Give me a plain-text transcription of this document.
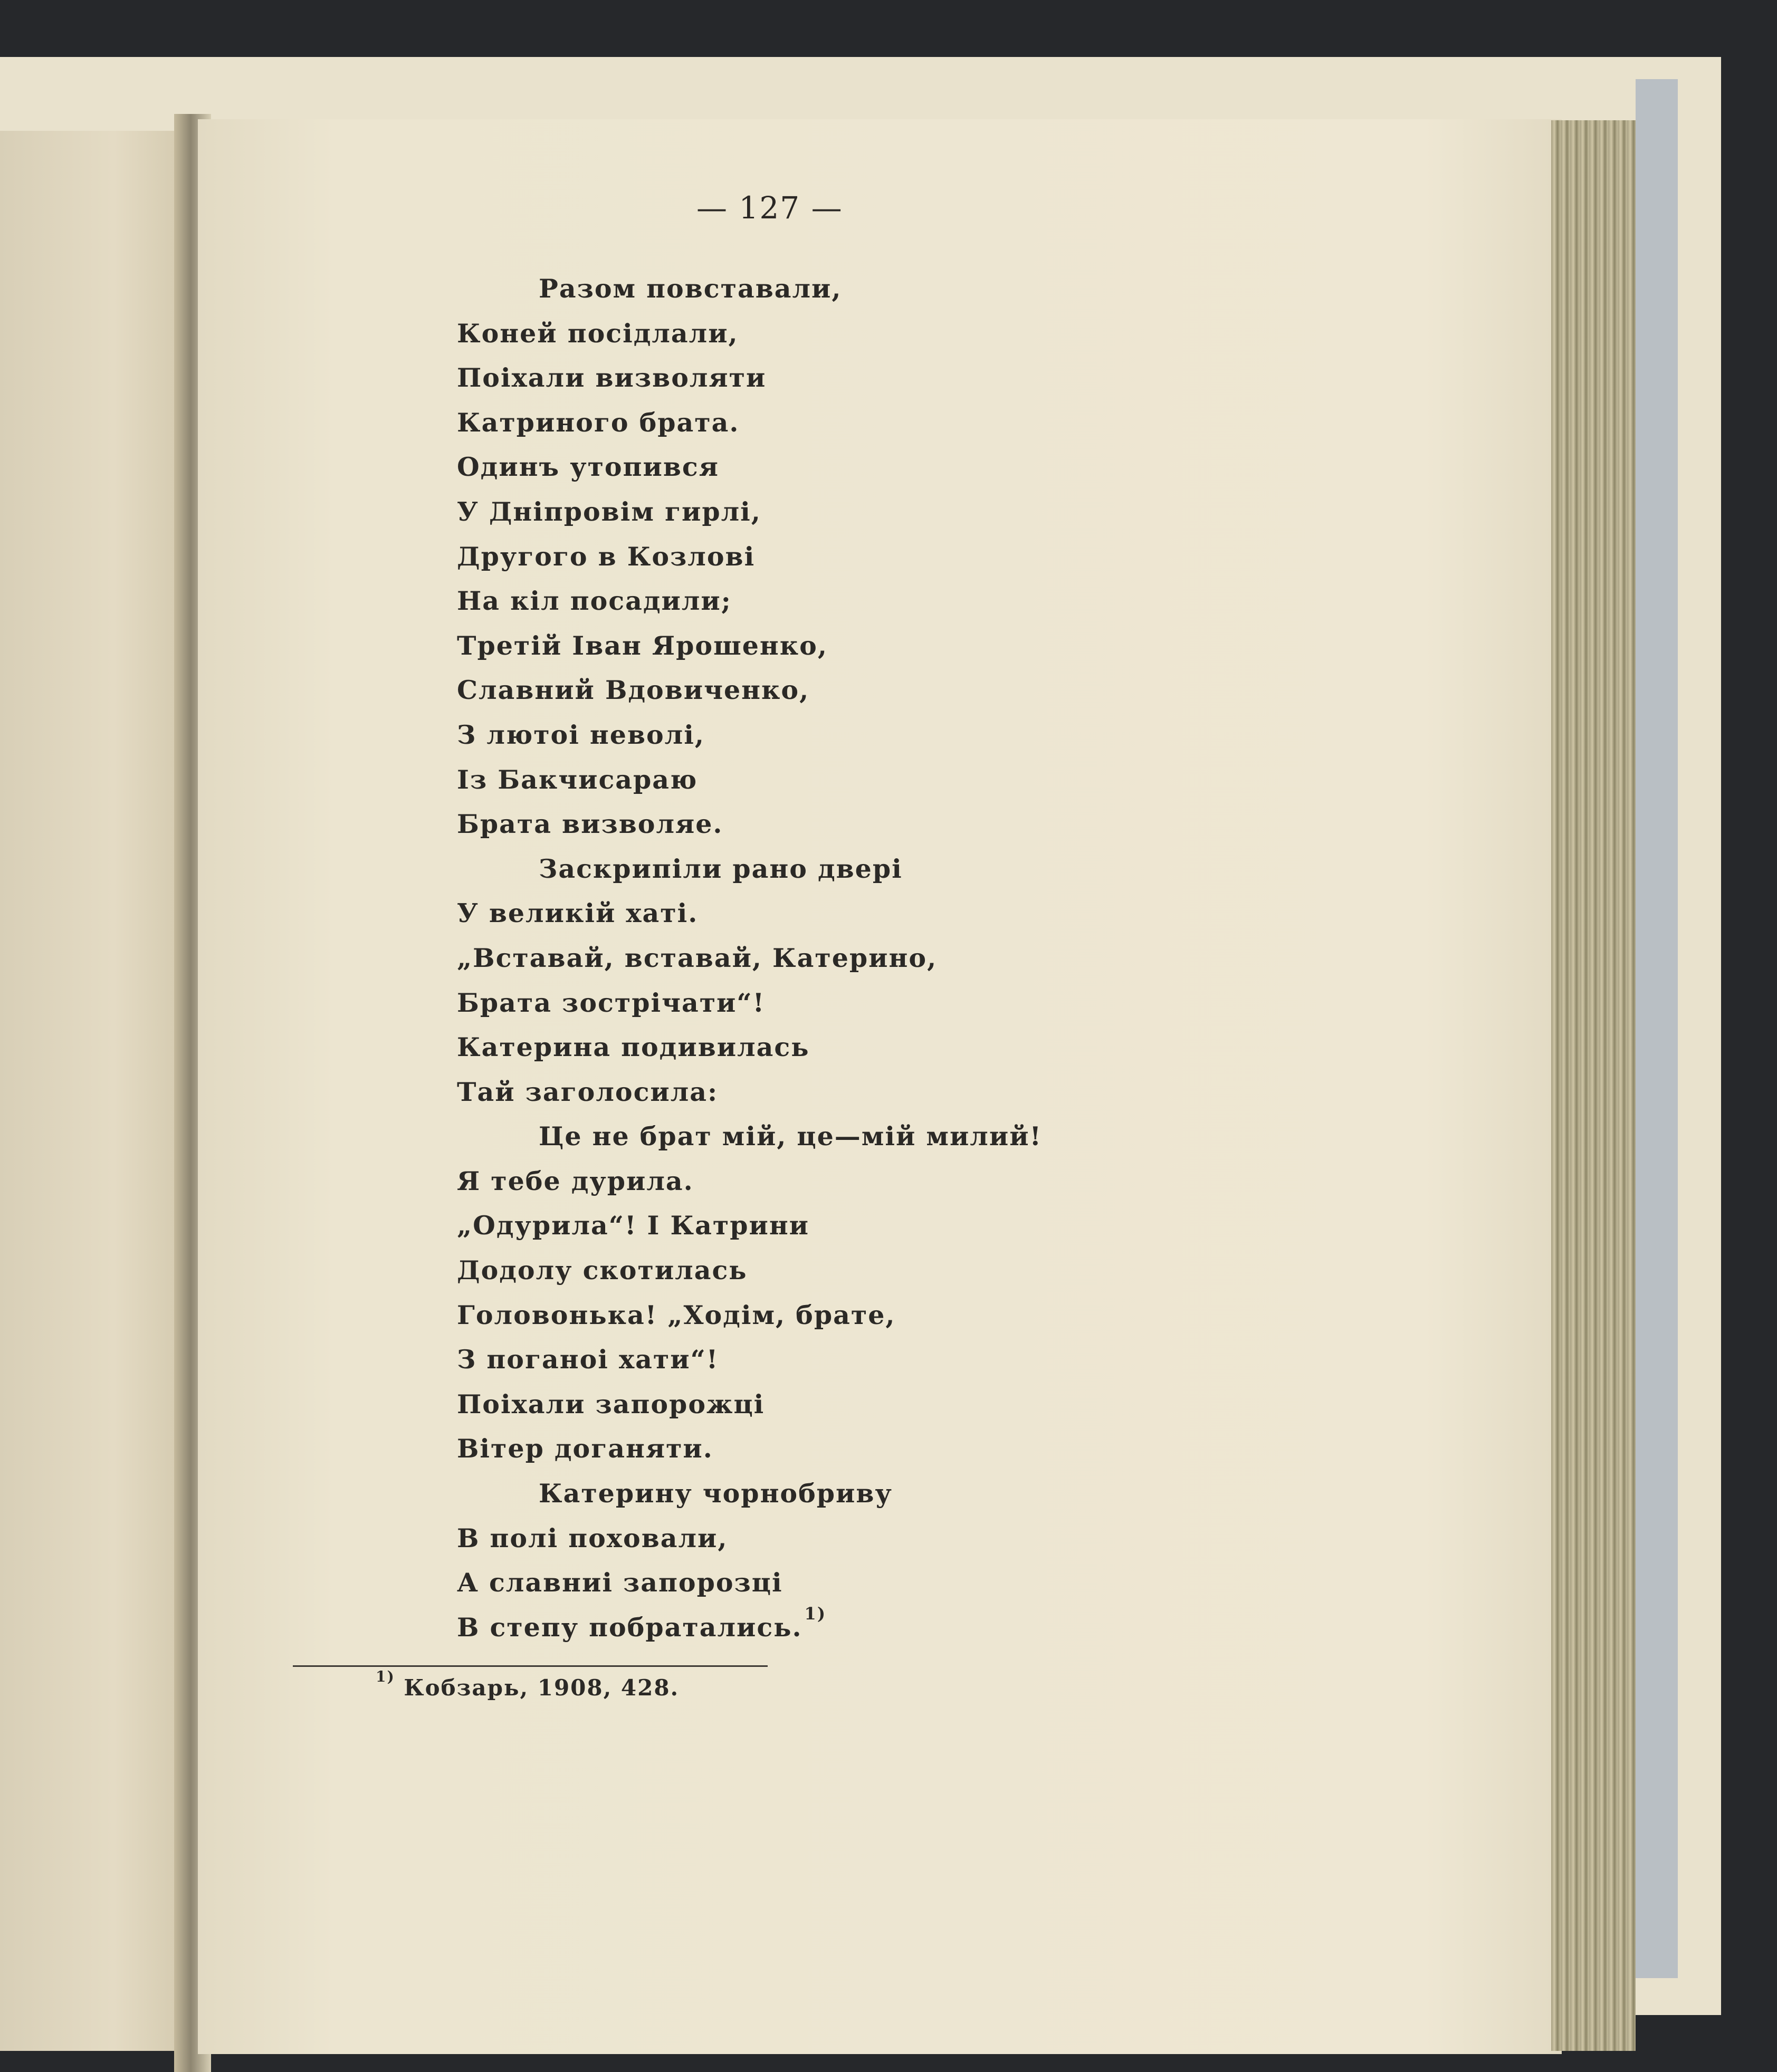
— 127 —
Разом повставали,
Коней посідлали,
Поіхали визволяти
Катриного брата.
Одинъ утопився
У Дніпровім гирлі,
Другого в Козлові
На кіл посадили;
Третій Іван Ярошенко,
Славний Вдовиченко,
З лютоі неволі,
Із Бакчисараю
Брата визволяе.
Заскрипіли рано двері
У великій хаті.
„Вставай, вставай, Катерино,
Брата зострічати“!
Катерина подивилась
Тай заголосила:
Це не брат мій, це—мій милий!
Я тебе дурила.
„Одурила“! І Катрини
Додолу скотилась
Головонька! „Ходім, брате,
З поганоі хати“!
Поіхали запорожці
Вітер доганяти.
Катерину чорнобриву
В полі поховали,
А славниі запорозці
В степу побратались. $^{1)}$
$^{1)}$ Кобзарь, 1908, 428.
